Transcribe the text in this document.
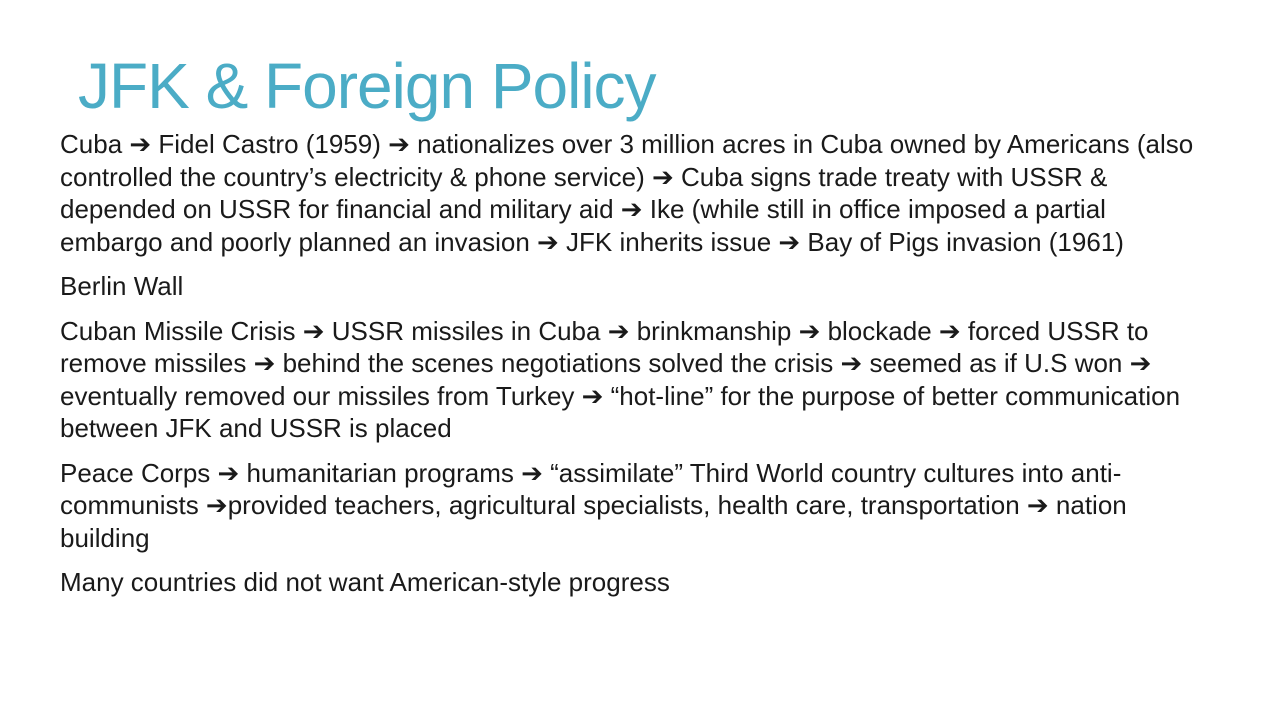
JFK & Foreign Policy

Cuba ➔ Fidel Castro (1959) ➔ nationalizes over 3 million acres in Cuba owned by Americans (also controlled the country’s electricity & phone service) ➔ Cuba signs trade treaty with USSR & depended on USSR for financial and military aid ➔ Ike (while still in office imposed a partial embargo and poorly planned an invasion ➔ JFK inherits issue ➔ Bay of Pigs invasion (1961)

Berlin Wall

Cuban Missile Crisis ➔ USSR missiles in Cuba ➔ brinkmanship ➔ blockade ➔ forced USSR to remove missiles ➔ behind the scenes negotiations solved the crisis ➔ seemed as if U.S won ➔ eventually removed our missiles from Turkey ➔ “hot-line” for the purpose of better communication between JFK and USSR is placed

Peace Corps ➔ humanitarian programs ➔ “assimilate” Third World country cultures into anti-communists ➔provided teachers, agricultural specialists, health care, transportation ➔ nation building

Many countries did not want American-style progress
